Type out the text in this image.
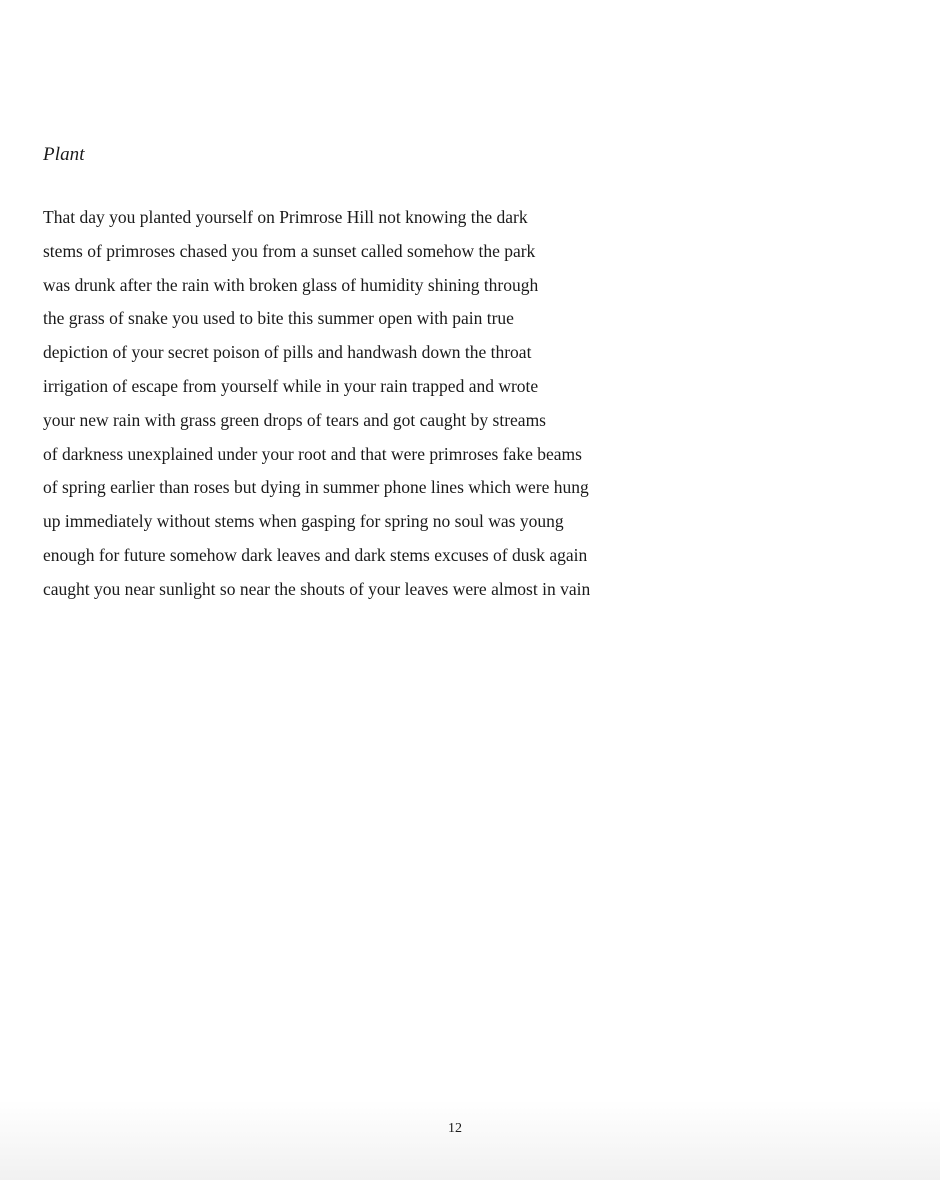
Plant
That day you planted yourself on Primrose Hill not knowing the dark
stems of primroses chased you from a sunset called somehow the park
was drunk after the rain with broken glass of humidity shining through
the grass of snake you used to bite this summer open with pain true
depiction of your secret poison of pills and handwash down the throat
irrigation of escape from yourself while in your rain trapped and wrote
your new rain with grass green drops of tears and got caught by streams
of darkness unexplained under your root and that were primroses fake beams
of spring earlier than roses but dying in summer phone lines which were hung
up immediately without stems when gasping for spring no soul was young
enough for future somehow dark leaves and dark stems excuses of dusk again
caught you near sunlight so near the shouts of your leaves were almost in vain
12
